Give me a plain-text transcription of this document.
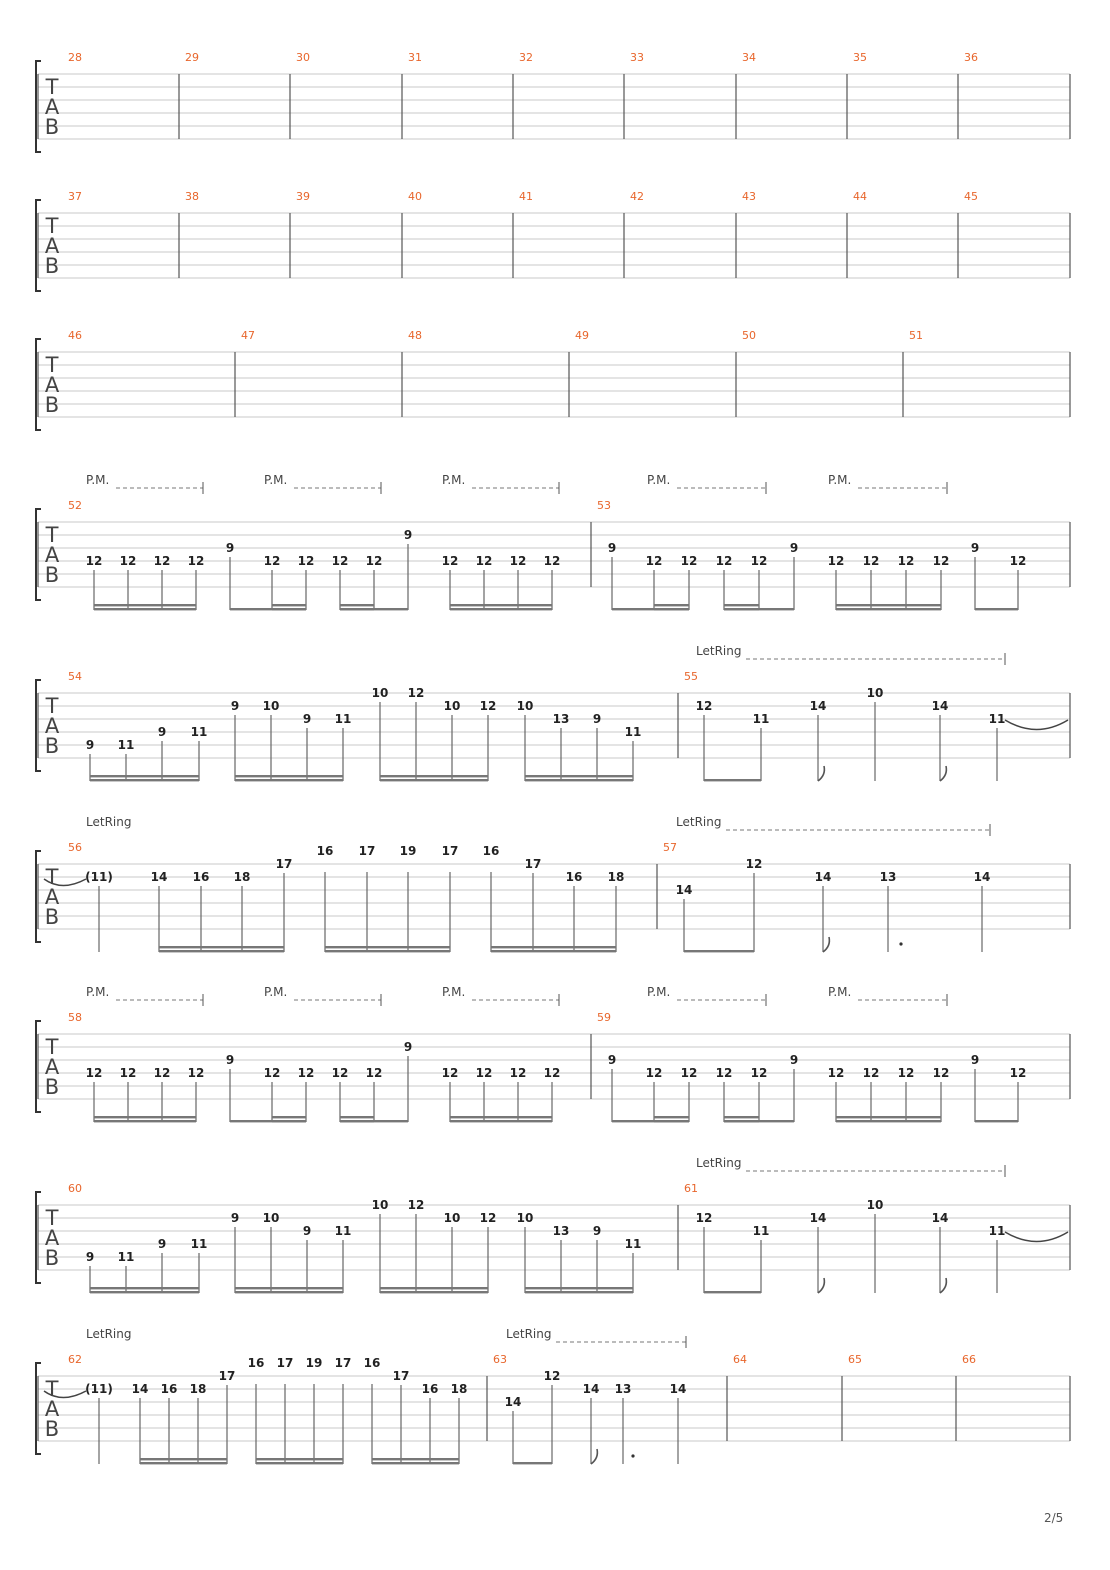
T
A
B
28	29	30	31	32	33	34	35	36
T
A
B
37	38	39	40	41	42	43	44	45
T
A
B
46	47	48	49	50	51
T
A
B
52	53
12 12 12 12
9
12 12 12 12
9
12 12 12 12
9
12 12 12 12
9
12 12 12 12
9
12
P.M.	P.M.	P.M.	P.M.	P.M.
T
A
B
54	55
9 11
9 11
9 10
9 11
10 12
10 12 10
13 9
11
12
11
14
10
14
11
LetRing
T
A
B
56	57
(11)	14 16 18
17
16 17 19 17 16
17
16 18
14
12
14	13	14
LetRing	LetRing
T
A
B
58	59
12 12 12 12
9
12 12 12 12
9
12 12 12 12
9
12 12 12 12
9
12 12 12 12
9
12
P.M.	P.M.	P.M.	P.M.	P.M.
T
A
B
60	61
9 11
9 11
9 10
9 11
10 12
10 12 10
13 9
11
12
11
14
10
14
11
LetRing
T
A
B
62	63	64	65	66
(11) 14 16 18
17
16 17 19 17 16
17
16 18
14
12
14 13	14
LetRing	LetRing
2/5
